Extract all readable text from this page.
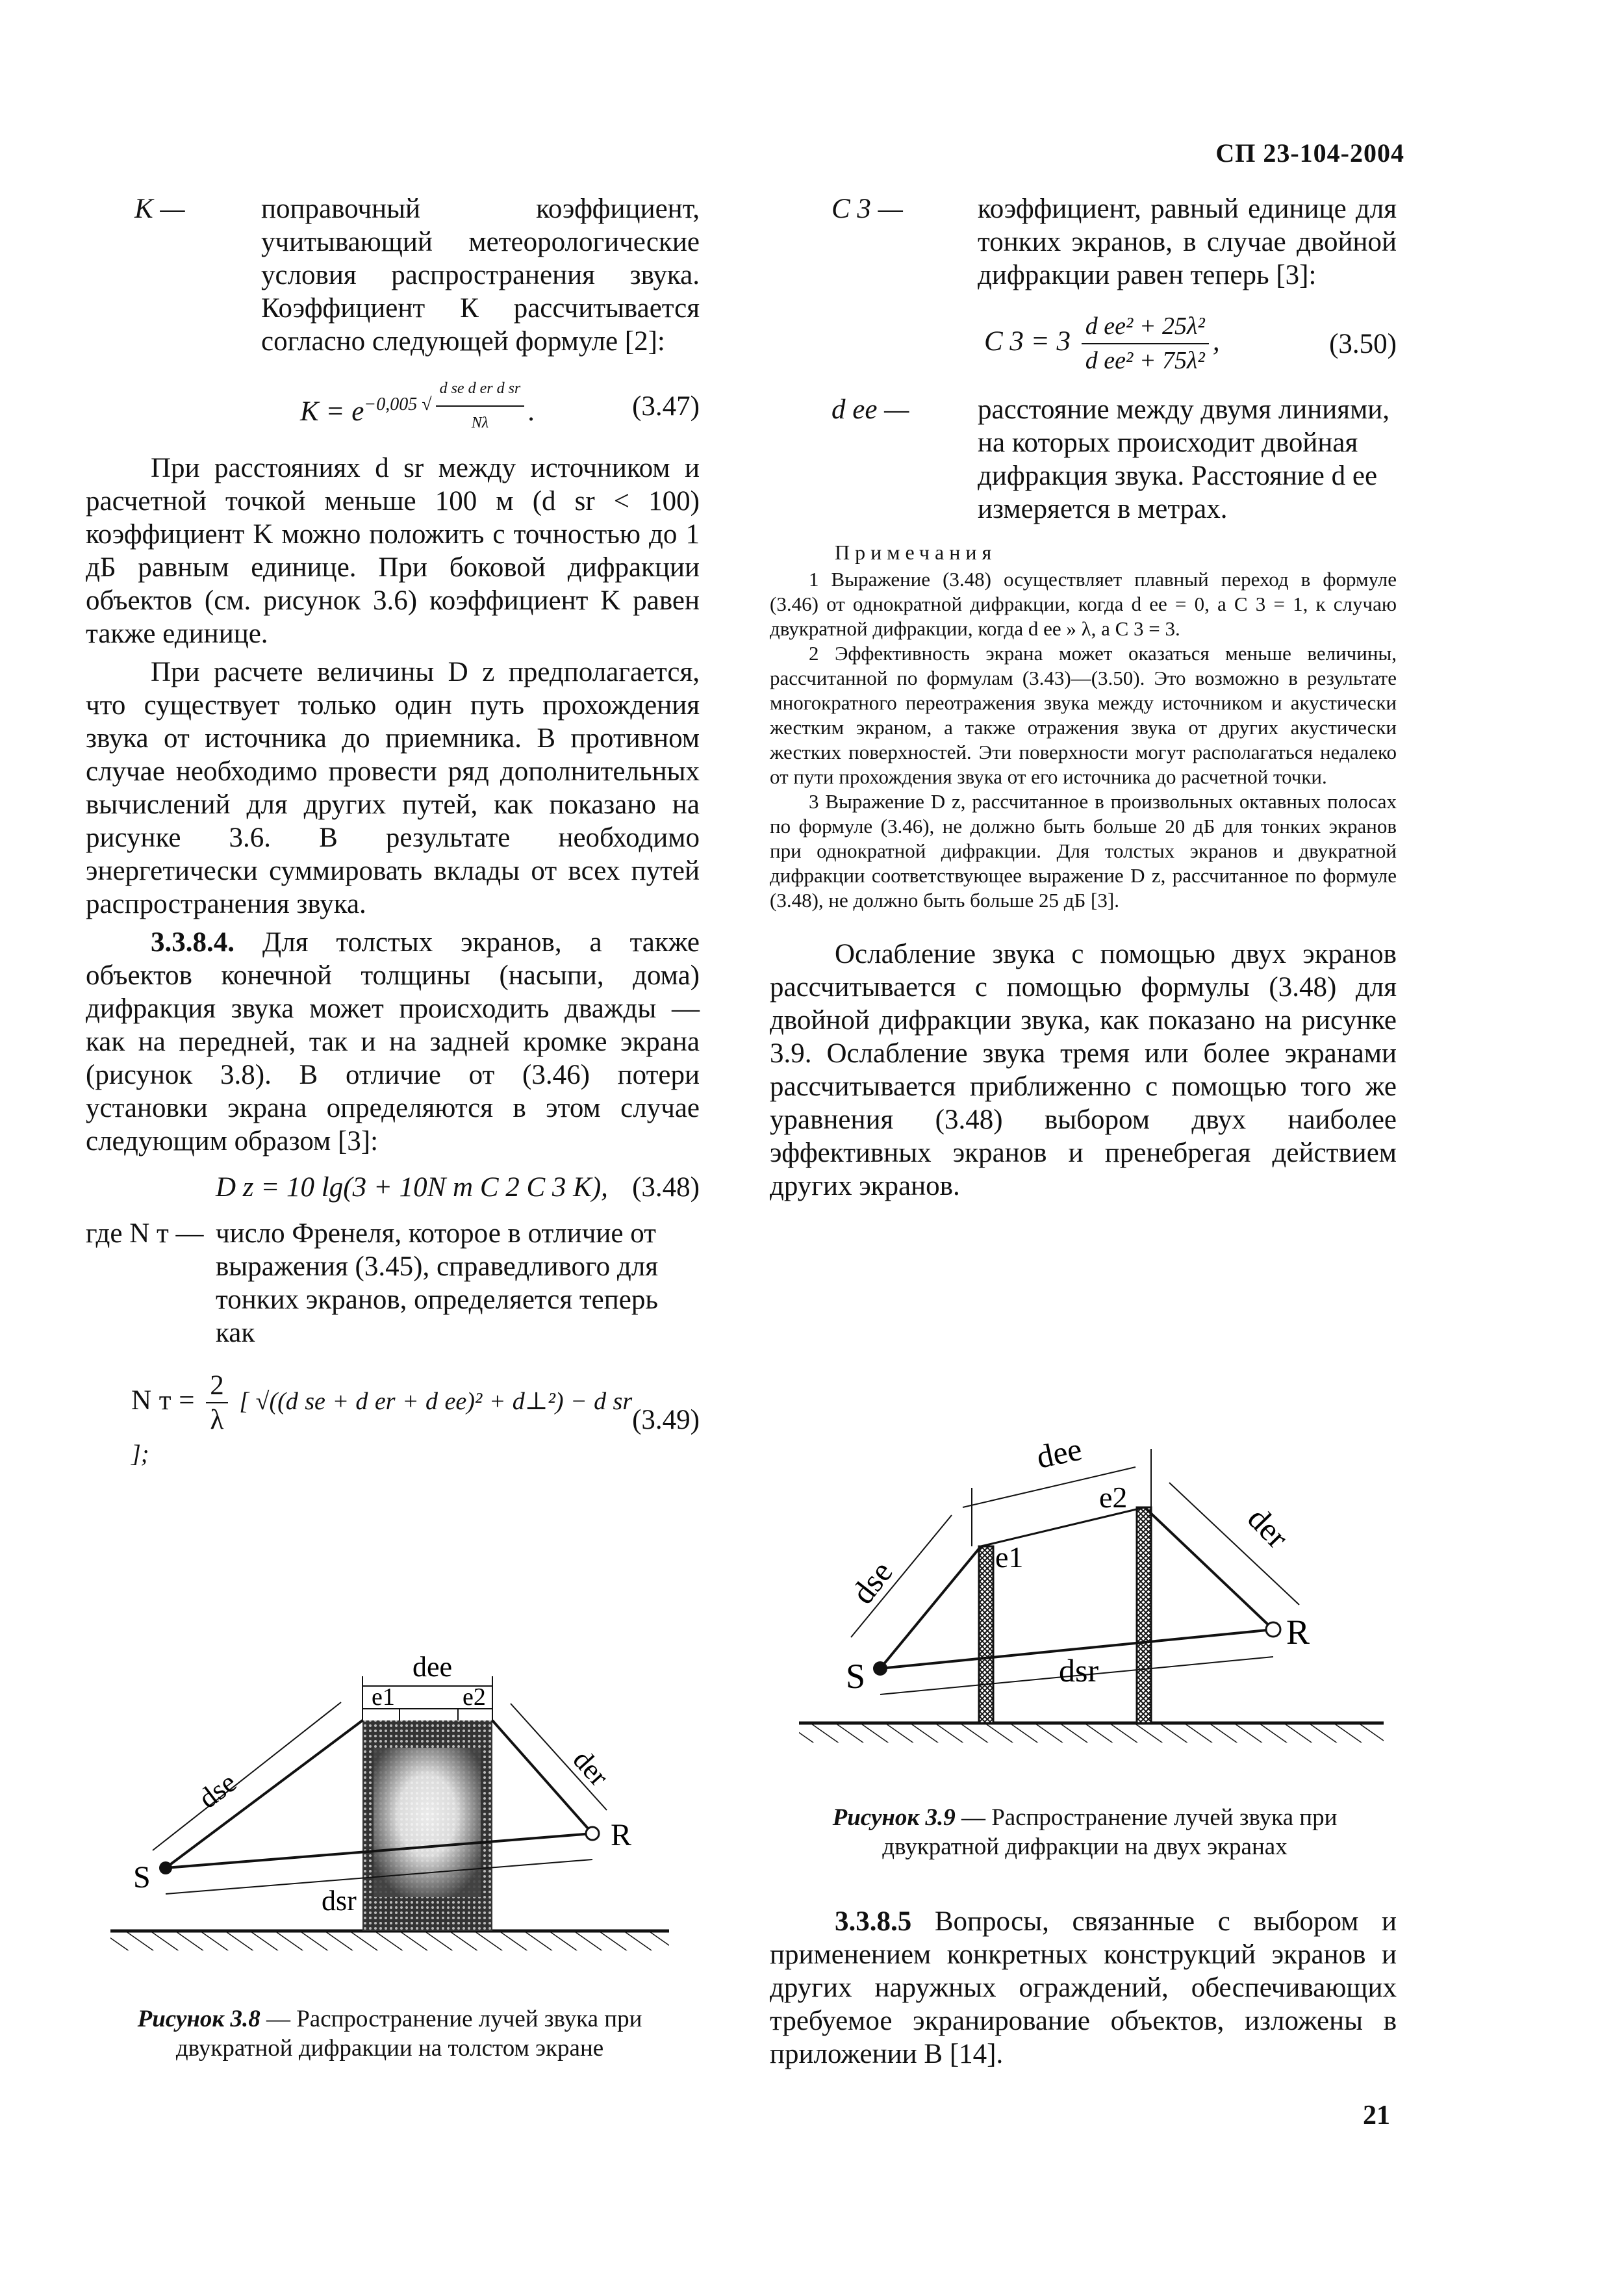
СП 23-104-2004
K —	поправочный коэффициент, учитывающий метеорологические условия распространения звука. Коэффициент К рассчитывается согласно следующей формуле [2]:
$K = e^{-0,005 √ \frac{\text{d se d er d sr}}{N\lambda}}$ .	(3.47)

При расстояниях d sr между источником и расчетной точкой меньше 100 м (d sr < 100) коэффициент K можно положить с точностью до 1 дБ равным единице. При боковой дифракции объектов (см. рисунок 3.6) коэффициент K равен также единице.

При расчете величины D z предполагается, что существует только один путь прохождения звука от источника до приемника. В противном случае необходимо провести ряд дополнительных вычислений для других путей, как показано на рисунке 3.6. В результате необходимо энергетически суммировать вклады от всех путей распространения звука.

3.3.8.4. Для толстых экранов, а также объектов конечной толщины (насыпи, дома) дифракция звука может происходить дважды — как на передней, так и на задней кромке экрана (рисунок 3.8). В отличие от (3.46) потери установки экрана определяются в этом случае следующим образом [3]:

D z = 10 lg(3 + 10N т C 2 C 3 K), (3.48)
где N т — число Френеля, которое в отличие от выражения (3.45), справедливого для тонких экранов, определяется теперь как
N $т = \frac{2}{\lambda}$ [ √((d se + d er + d ee)² + d⊥²) − d sr ];
(3.49)
dee
e1	e2
dse	der
dsr
S
R
Рисунок 3.8 — Распространение лучей звука при двукратной дифракции на толстом экране
C 3 —	коэффициент, равный единице для тонких экранов, в случае двойной дифракции равен теперь [3]:
C $3 = 3 \frac{\text{d ee² + 25λ²}}{\text{d ee² + 75λ²}}$ ,	(3.50)
d ee —	расстояние между двумя линиями, на которых происходит двойная дифракция звука. Расстояние d ee измеряется в метрах.
Примечания

1 Выражение (3.48) осуществляет плавный переход в формуле (3.46) от однократной дифракции, когда d ee = 0, а C 3 = 1, к случаю двукратной дифракции, когда d ee » λ, а C 3 = 3.

2 Эффективность экрана может оказаться меньше величины, рассчитанной по формулам (3.43)—(3.50). Это возможно в результате многократного переотражения звука между источником и акустически жестким экраном, а также отражения звука от других акустически жестких поверхностей. Эти поверхности могут располагаться недалеко от пути прохождения звука от его источника до расчетной точки.

3 Выражение D z, рассчитанное в произвольных октавных полосах по формуле (3.46), не должно быть больше 20 дБ для тонких экранов при однократной дифракции. Для толстых экранов и двукратной дифракции соответствующее выражение D z, рассчитанное по формуле (3.48), не должно быть больше 25 дБ [3].

Ослабление звука с помощью двух экранов рассчитывается с помощью формулы (3.48) для двойной дифракции звука, как показано на рисунке 3.9. Ослабление звука тремя или более экранами рассчитывается приближенно с помощью того же уравнения (3.48) выбором двух наиболее эффективных экранов и пренебрегая действием других экранов.

dee
e1
e2
dse
der
dsr
S
R
Рисунок 3.9 — Распространение лучей звука при двукратной дифракции на двух экранах

3.3.8.5 Вопросы, связанные с выбором и применением конкретных конструкций экранов и других наружных ограждений, обеспечивающих требуемое экранирование объектов, изложены в приложении В [14].

21
